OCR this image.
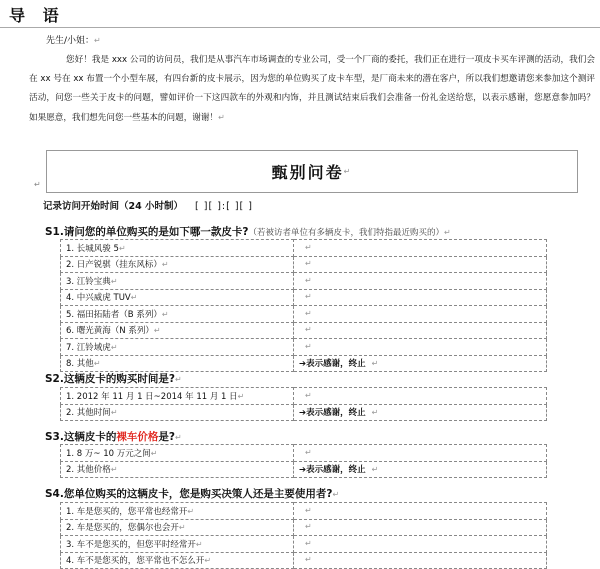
导 语
先生/小姐：↵
您好！我是 xxx 公司的访问员，我们是从事汽车市场调查的专业公司，受一个厂商的委托，我们正在进行一项皮卡买车评测的活动，我们会在 xx 号在 xx 布置一个小型车展，有四台新的皮卡展示，因为您的单位购买了皮卡车型，是厂商未来的潜在客户，所以我们想邀请您来参加这个测评活动，问您一些关于皮卡的问题，譬如评价一下这四款车的外观和内饰，并且测试结束后我们会准备一份礼金送给您，以表示感谢，您愿意参加吗？如果愿意，我们想先问您一些基本的问题，谢谢！↵
甄别问卷 ↵
↵
记录访问开始时间（24 小时制） [ ][ ]:[ ][ ]
S1.请问您的单位购买的是如下哪一款皮卡?（若被访者单位有多辆皮卡，我们特指最近购买的）↵
1. 长城风骏 5↵	↵
2. 日产锐骐（挂东风标）↵	↵
3. 江铃宝典↵	↵
4. 中兴威虎 TUV↵	↵
5. 福田拓陆者（B 系列）↵	↵
6. 曙光黄海（N 系列）↵	↵
7. 江铃域虎↵	↵
8. 其他↵	➔表示感谢，终止 ↵
S2.这辆皮卡的购买时间是?↵
1. 2012 年 11 月 1 日~2014 年 11 月 1 日↵	↵
2. 其他时间↵	➔表示感谢，终止 ↵
S3.这辆皮卡的裸车价格是?↵
1. 8 万~ 10 万元之间↵	↵
2. 其他价格↵	➔表示感谢，终止 ↵
S4.您单位购买的这辆皮卡，您是购买决策人还是主要使用者?↵
1. 车是您买的，您平常也经常开↵	↵
2. 车是您买的，您偶尔也会开↵	↵
3. 车不是您买的，但您平时经常开↵	↵
4. 车不是您买的，您平常也不怎么开↵	↵
